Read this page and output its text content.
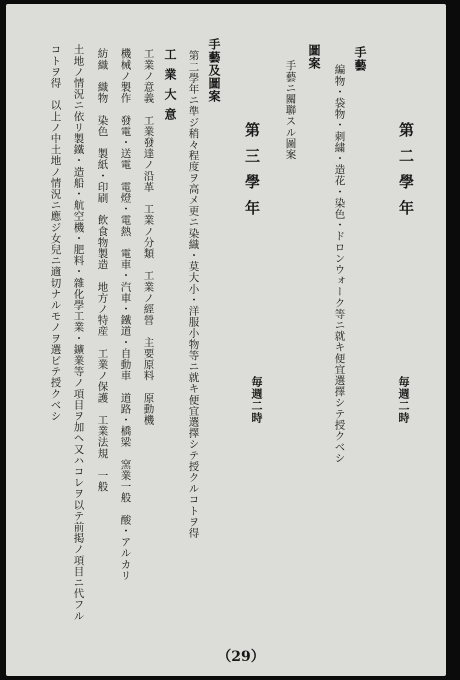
第二學年
毎週二時
手藝
編物・袋物・刺繍・造花・染色・ドロンウォーク等ニ就キ便宜選擇シテ授クベシ
圖案
手藝ニ關聯スル圖案
第三學年
毎週二時
手藝及圖案
第二學年ニ準ジ稍々程度ヲ高メ更ニ染織・莫大小・洋服小物等ニ就キ便宜選擇シテ授クルコトヲ得
工業大意
工業ノ意義　工業發達ノ沿革　工業ノ分類　工業ノ經營　主要原料　原動機
機械ノ製作　發電・送電　電燈・電熱　電車・汽車・鐵道・自動車　道路・橋梁　窯業一般　酸・アルカリ
紡織　織物　染色　製紙・印刷　飲食物製造　地方ノ特産　工業ノ保護　工業法規　一般
土地ノ情況ニ依リ製鐵・造船・航空機・肥料・雜化學工業・鑛業等ノ項目ヲ加ヘ又ハコレヲ以テ前掲ノ項目ニ代フル
コトヲ得　以上ノ中土地ノ情況ニ應ジ女兒ニ適切ナルモノヲ選ビテ授クベシ
（29）
